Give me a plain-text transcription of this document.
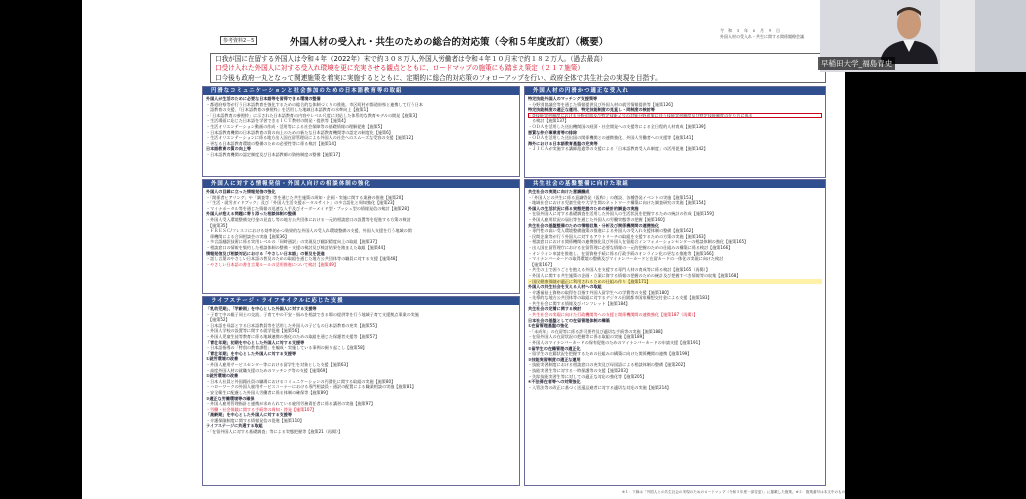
参考資料2－5	外国人材の受入れ・共生のための総合的対応策（令和５年度改訂）（概要）
令　和　５　年　６　月　９　日
外国人材の受入れ・共生に関する関係閣僚会議
口我が国に在留する外国人は令和４年（2022年）末で約３０８万人,外国人労働者は令和４年１０月末で約１８２万人。（過去最高）
口受け入れた外国人に対する受入れ環境を更に充実させる観点とともに、ロードマップの施策にも踏まえ策定（２１７施策）
口今後も政府一丸となって関連施策を着実に実施するとともに、定期的に総合的対応策のフォローアップを行い、政府全体で共生社会の実現を目指す。
円滑なコミュニケーションと社会参加のための日本語教育等の取組
外国人が生活のために必要な日本語等を習得できる環境の整備
・都道府県等が行う日本語教育を強化するための総合的な体制づくりの推進。市区町村が都道府県と連携して行う日本
　語教育の支援、『日本語教育の参照枠』を活用した地域日本語教育の水準向上【施策1】
・「日本語教育の参照枠」に示された日本語教育の内容やレベル尺度に対応した体系的な教育モデルの開発【施策3】
・生活場面に応じた日本語を学習できるＩＣＴ教材の開発・提供等【施策4】
・生活オリエンテーション動画の作成・活用等による社会保障等の基礎情報の理解促進【施策5】
・日本語教育機関の日本語教育の質の向上のための新たな日本語教育機関等の認定の制度化【施策6】
・生活オリエンテーションに係る地方出入国在留管理局による外国人の社会へのスムーズな受容の支援【施策12】
・更なる日本語教育環境の整備のための必要性等に係る検討【施策14】
日本語教育の質の向上等
・日本語教育機関の認定制度及び日本語教師の資格制度の整備【施策17】
外国人に対する情報発信・外国人向けの相談体制の強化
外国人の目線に立った情報発信の強化
・「関係者ヒアリング」や「調査等」等を通じた共生施策の周知・企画・実施に関する業務の推進【施策20】
・「生活・就労ガイドブック」及び「外国人生活支援ポータルサイト」の多言語化と周知強化【施策23】
・マイナポータル等を通じた情報の迅速な入手及びオーダーメイド型・プッシュ型の情報発信の検討【施策28】
外国人が抱える問題に寄り添った相談体制の整備
・外国人受入環境整備交付金の見直し等の地方公共団体における一元的相談窓口の設置等を促進する方策の検討
　【施策35】
・ＦＲＥＳＣ/フレスコにおける効率的かつ効果的な外国人の受入れ環境整備の支援、外国人支援を行う地域の関
　係機関による合同相談会の実施【施策36】
・多言語翻訳技術に係る実用レベルの「同時通訳」の実現及び翻訳精度向上の取組【施策37】
・相談窓口の情報を集約した相談体制の整備・支援の検討及び検討結果を踏まえた取組【施策44】
情報発信及び相談対応における「やさしい日本語」の普及を促進
・話し言葉のやさしい日本語の普及のための取組を通じた地方公共団体等の職員に対する支援【施策48】
・やさしい日本語の書き言葉ルールの活用推進について検討【施策49】
ライフステージ・ライフサイクルに応じた支援
「乳幼児期」、「学齢期」を中心とした外国人に対する支援等
・子育て中の親子同士の交流、子育て中の不安・悩みを相談できる場の提供等を行う地域子育て支援拠点事業の実施
　【施策52】
・日本語を母語とする日本語教員等を活用した外国人の子どもの日本語教育の充実【施策55】
・外国人学校の設置等に関する就学促進【施策56】
・外国人児童生徒等教育に係る地域連携の強化のための取組を通じた保護者支援等【施策57】
「青壮年期」初期を中心とした外国人に対する支援等
・日本語指導の「特別の教育課程」を編成・実施している事例の掘り起こし【施策58】
「青壮年期」を中心とした外国人に対する支援等
①就労環境の改善
・外国人雇用サービスセンター等における留学生を対象とした支援【施策63】
・高度外国人材の就職支援のためのマッチング等の支援【施策69】
②就労環境の改善
・日本人社員と外国籍社員の職場におけるコミュニケーションの円滑化に関する取組の実施【施策80】
・ハローワークの外国人雇用サービスコーナーにおける専門相談員・通訳の配置による職業相談の実施【施策81】
・安全衛生に配慮した外国人労働者に係る体制の確保等【施策89】
③適正な労働環境等の確保
・外国人雇用管理指針と連携が求められている雇用労務責任者に係る講習の実施【施策97】
・労働・社会保険に関する手続等の周知・啓発【施策107】
「高齢期」を中心とした外国人に対する支援等
・介護保険制度に関する情報発信の促進【施策110】
ライフステージに共通する取組
・「在留外国人に対する基礎調査」等による実態把握等【施策21（再掲）】
外国人材の円滑かつ適正な受入れ
特定技能外国人のマッチング支援策等
・分野別協議会等を通じた情報提供及び外国人材の就労情報提供等【施策126】
特定技能制度の適正な運用、特定技能制度の見直し・同制度の検討等
・②技能実習制度における分野追加及び特定技能２号の対象分野追加に伴う技能実習制度及び特定技能制度の在り方に係る
　る検討【施策137】
・ＯＤＡを活用した送出機関国の経済・社会開発への支援等による全日程的人材育成【施策139】
悪質な仲介事業者等の排除
・ＯＤＡを活用した送出国の関係機関との連携強化、外国人労働者への支援等【施策141】
海外における日本語教育基盤の充実等
・ＪＩＣＡが実施する講師派遣等の支援による「日本語教育受入れ制度」の活用促進【施策142】
共生社会の基盤整備に向けた取組
共生社会の実現に向けた意識醸成
・「外国人との共生に係る意識啓発（仮称）」の創設、各種啓発イベントの実施【施策153】
・地域社会における児童生徒や大学生間のネットワーク構築に向けた調査研究の実施【施策154】
外国人の生活状況に係る実態把握のための統計的調査の実施
・在留外国人に対する基礎調査を活用した外国人の生活状況を把握するための統計の作成【施策159】
・外国人雇用状況の届出等を通じた外国人の労働実態等の把握【施策160】
共生社会の基盤整備のための情報収集・分析及び関係機関間の連携強化
・専門性の高い受入環境整備施策の推進による外国人の受入れ支援体制の整備【施策162】
・民間企業等が行う外国人に対するアウトリーチの取組を支援するための方策の実施【施策163】
・相談窓口における関係機関の連携強化及び外国人在留総合インフォメーションセンターの相談体制の強化【施策165】
・出入国在留管理庁における在留管理に必要な情報の一元的把握のための仕組みの構築に係る検討【施策166】
・オンライン申請を推進し、在留資格手続に係る行政手続のオンライン化の更なる推進等【施策166】
・マイナンバーカードの取得環境の整備及びマイナンバーカードと在留カードの一体化の実現に向けた検討
　【施策167】
・共生の上で困りごとを抱える外国人を支援する専門人材の育成等に係る検討【施策165（再掲）】
・外国人に関する共生施策の企画・立案に資する情報の把握のための統計及び把握すべき情報等の収集【施策168】
・国民健康保険が適正に利用されるための仕組み作り【施策171】
外国人の共生社会を支える人材への取組
・介護福祉士資格の取得を目指す外国人留学生への学費等の支援【施策180】
・先導的な地方公共団体等の取組に対するデジタル田園都市国家構想交付金による支援【施策183】
・共生社会に関する情報及びパンフレット【施策184】
共生社会の定着に関する検討
・共生社会の実現に向けた行政機関等への支援と関係機関間の連携強化【施策187（再掲）】
日本社会の基盤としての在留管理体制の構築
①在留管理基盤の強化
・「未成年」の在留等に係る許可要件及び適切な手続等の実施【施策188】
・在留外国人の在留状況の把握等に係る取組の実施【施策189】
・外国人のマイナンバーカードの保有促進のためのマイナンバーカードの申請支援【施策191】
②留学生の在籍管理の適正化
・留学生の在籍状況を把握するための仕組みの構築に向けた関係機関の連携【施策199】
③技能実習制度の適正な運用
・技能実習制度における相談窓口の充実及び母国語による相談体制の整備【施策202】
・技能実習生等に対する一時保護等の支援【施策203】
・失踪技能実習生等に対しての適正な対応の強化等【施策205】
④不法滞在者等への対策強化
・入管法等の改正に基づく送還忌避者に対する適切な対応の実施【施策214】
※１：下線は「外国人との共生社会の実現のためのロードマップ（令和５年度一部変更）」に掲載した施策。※２：施策番号は本文中のもの
早稲田大学_福島青史
